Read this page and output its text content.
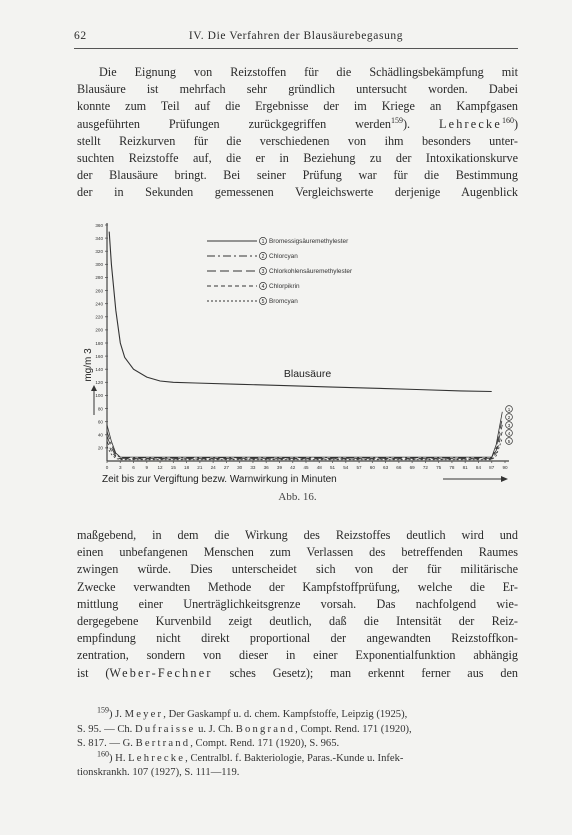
62	IV. Die Verfahren der Blausäurebegasung
Die Eignung von Reizstoffen für die Schädlingsbekämpfung mit
Blausäure ist mehrfach sehr gründlich untersucht worden. Dabei
konnte zum Teil auf die Ergebnisse der im Kriege an Kampfgasen
ausgeführten Prüfungen zurückgegriffen werden$^{159}$). Lehrecke$^{160}$)
stellt Reizkurven für die verschiedenen von ihm besonders unter-
suchten Reizstoffe auf, die er in Beziehung zu der Intoxikationskurve
der Blausäure bringt. Bei seiner Prüfung war für die Bestimmung
der in Sekunden gemessenen Vergleichswerte derjenige Augenblick
20
40
60
80
100
120
140
160
180
200
220
240
260
280
300
320
340
360
0 3 6 9 12 15 18 21 24 27 30 33 36 39 42 45 48 51 54 57 60 63 66 69 72 75 78 81 84 87 90
1 Bromessigsäuremethylester
2 Chlorcyan
3 Chlorkohlensäuremethylester
4 Chlorpikrin
5 Bromcyan
1
2
3
4
5
Blausäure
mg/m 3
Zeit bis zur Vergiftung bezw. Warnwirkung in Minuten
Abb. 16.
maßgebend, in dem die Wirkung des Reizstoffes deutlich wird und
einen unbefangenen Menschen zum Verlassen des betreffenden Raumes
zwingen würde. Dies unterscheidet sich von der für militärische
Zwecke verwandten Methode der Kampfstoffprüfung, welche die Er-
mittlung einer Unerträglichkeitsgrenze vorsah. Das nachfolgend wie-
dergegebene Kurvenbild zeigt deutlich, daß die Intensität der Reiz-
empfindung nicht direkt proportional der angewandten Reizstoffkon-
zentration, sondern von dieser in einer Exponentialfunktion abhängig
ist (Weber-Fechner sches Gesetz); man erkennt ferner aus den
$^{159}$) J. Meyer, Der Gaskampf u. d. chem. Kampfstoffe, Leipzig (1925),
S. 95. — Ch. Dufraisse u. J. Ch. Bongrand, Compt. Rend. 171 (1920),
S. 817. — G. Bertrand, Compt. Rend. 171 (1920), S. 965.
$^{160}$) H. Lehrecke, Centralbl. f. Bakteriologie, Paras.-Kunde u. Infek-
tionskrankh. 107 (1927), S. 111—119.
